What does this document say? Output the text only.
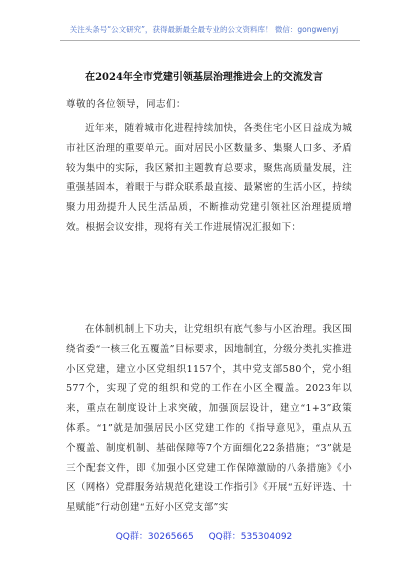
关注头条号“公文研究”，获得最新最全最专业的公文资料库！ 微信：gongwenyj
在2024年全市党建引领基层治理推进会上的交流发言
尊敬的各位领导，同志们：

近年来，随着城市化进程持续加快，各类住宅小区日益成为城市社区治理的重要单元。面对居民小区数量多、集聚人口多、矛盾较为集中的实际，我区紧扣主题教育总要求，聚焦高质量发展，注重强基固本，着眼于与群众联系最直接、最紧密的生活小区，持续聚力用劲提升人民生活品质，不断推动党建引领社区治理提质增效。根据会议安排，现将有关工作进展情况汇报如下：

在体制机制上下功夫，让党组织有底气参与小区治理。我区围绕省委“一核三化五覆盖”目标要求，因地制宜，分级分类扎实推进小区党建，建立小区党组织1157个，其中党支部580个，党小组577个，实现了党的组织和党的工作在小区全覆盖。2023年以来，重点在制度设计上求突破，加强顶层设计，建立“1+3”政策体系。“1”就是加强居民小区党建工作的《指导意见》，重点从五个覆盖、制度机制、基础保障等7个方面细化22条措施；“3”就是三个配套文件，即《加强小区党建工作保障激励的八条措施》《小区（网格）党群服务站规范化建设工作指引》《开展“五好评选、十星赋能”行动创建“五好小区党支部”实

QQ群：30265665 QQ群：535304092
